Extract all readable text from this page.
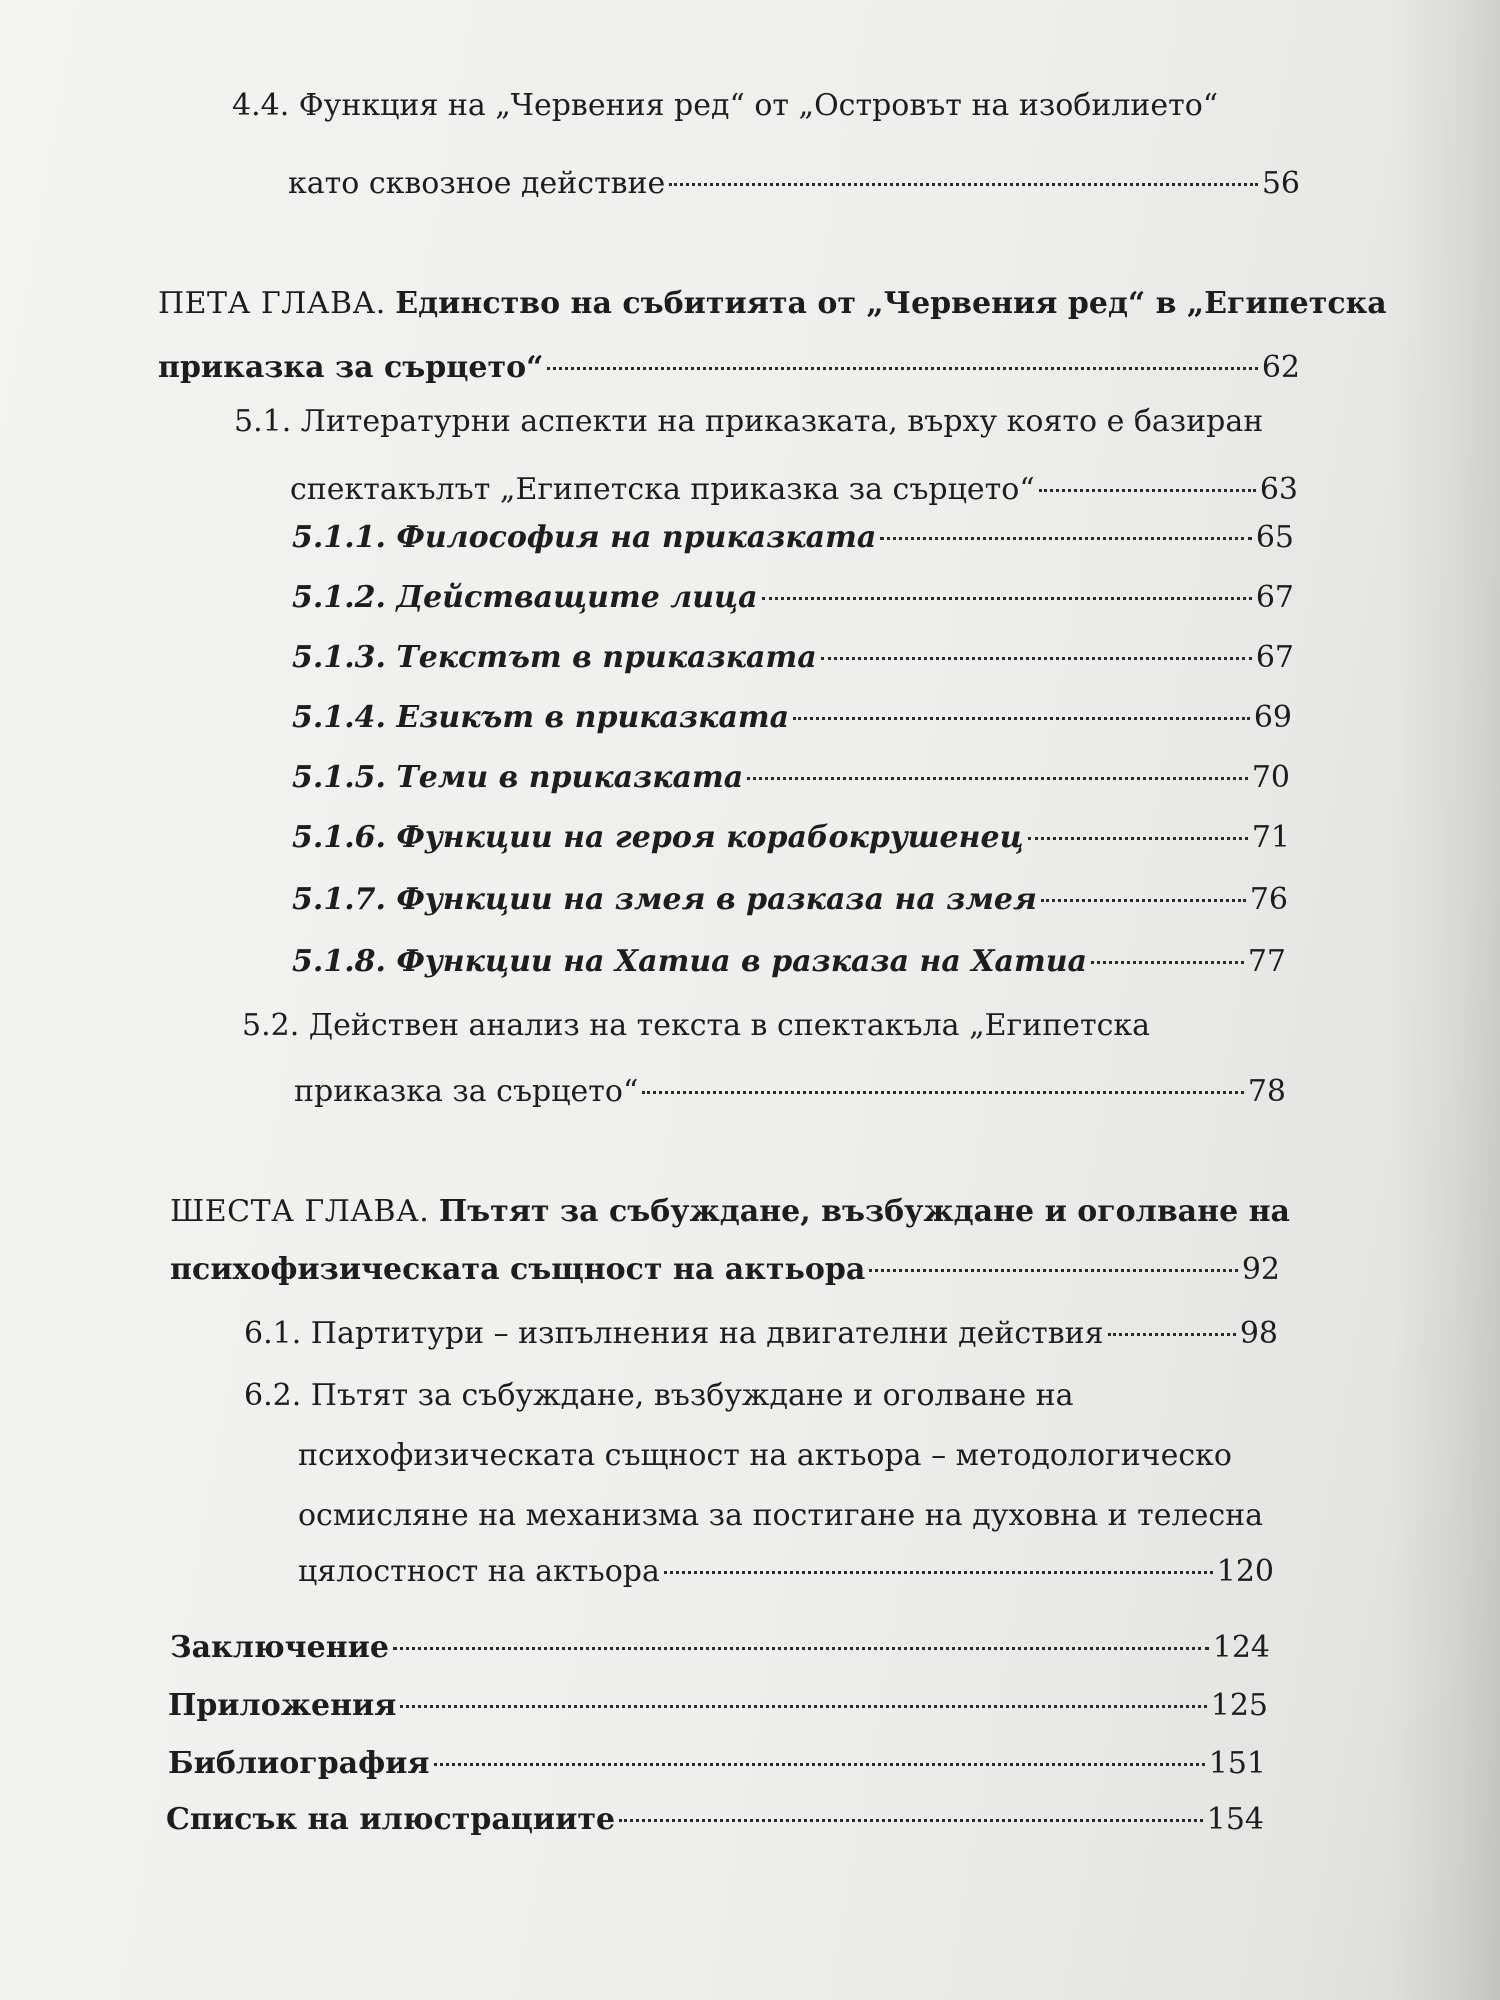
4.4. Функция на „Червения ред“ от „Островът на изобилието“
като сквозное действие	56
ПЕТА ГЛАВА. Единство на събитията от „Червения ред“ в „Египетска
приказка за сърцето“	62
5.1. Литературни аспекти на приказката, върху която е базиран
спектакълът „Египетска приказка за сърцето“	63
5.1.1. Философия на приказката	65
5.1.2. Действащите лица	67
5.1.3. Текстът в приказката	67
5.1.4. Езикът в приказката	69
5.1.5. Теми в приказката	70
5.1.6. Функции на героя корабокрушенец	71
5.1.7. Функции на змея в разказа на змея	76
5.1.8. Функции на Хатиа в разказа на Хатиа	77
5.2. Действен анализ на текста в спектакъла „Египетска
приказка за сърцето“	78
ШЕСТА ГЛАВА. Пътят за събуждане, възбуждане и оголване на
психофизическата същност на актьора	92
6.1. Партитури – изпълнения на двигателни действия	98
6.2. Пътят за събуждане, възбуждане и оголване на
психофизическата същност на актьора – методологическо
осмисляне на механизма за постигане на духовна и телесна
цялостност на актьора	120
Заключение	124
Приложения	125
Библиография	151
Списък на илюстрациите	154
